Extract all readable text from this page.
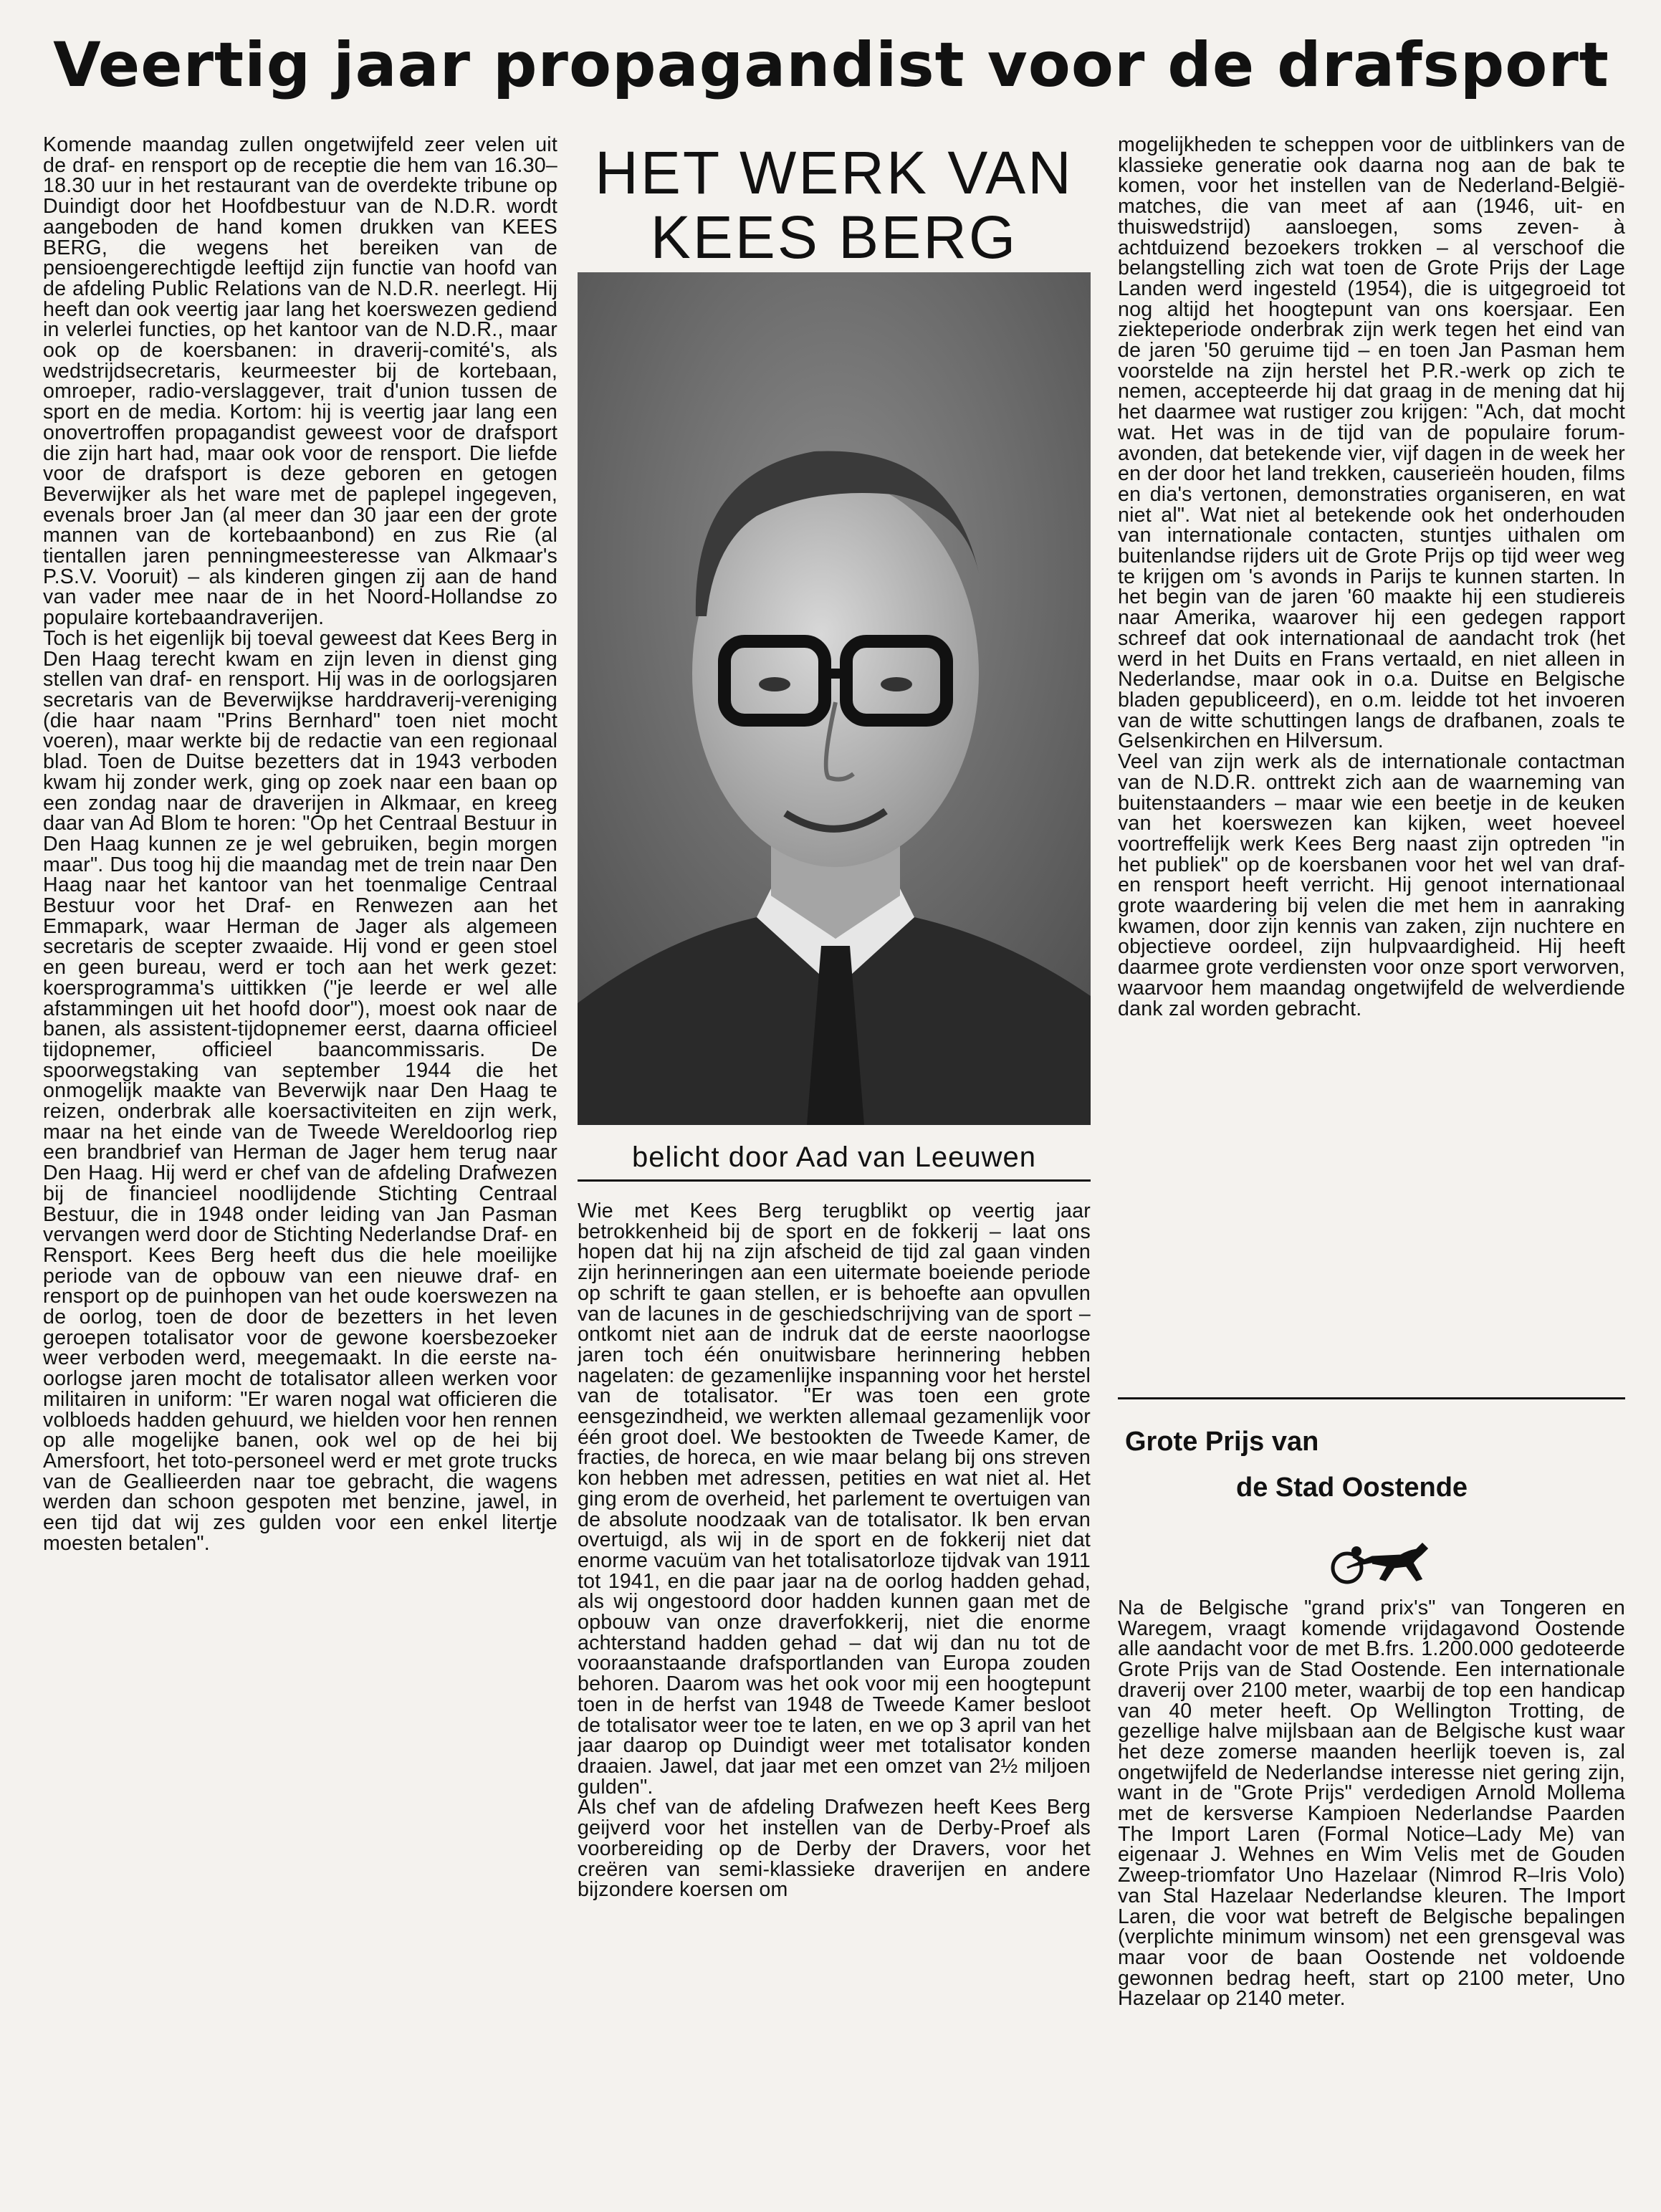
Veertig jaar propagandist voor de drafsport

Komende maandag zullen ongetwijfeld zeer velen uit de draf- en rensport op de receptie die hem van 16.30–18.30 uur in het restaurant van de overdekte tribune op Duindigt door het Hoofdbestuur van de N.D.R. wordt aangeboden de hand komen drukken van KEES BERG, die wegens het bereiken van de pensioengerechtigde leeftijd zijn functie van hoofd van de afdeling Public Relations van de N.D.R. neerlegt. Hij heeft dan ook veertig jaar lang het koerswezen gediend in velerlei functies, op het kantoor van de N.D.R., maar ook op de koersbanen: in draverij-comité's, als wedstrijdsecretaris, keurmeester bij de kortebaan, omroeper, radio-verslaggever, trait d'union tussen de sport en de media. Kortom: hij is veertig jaar lang een onovertroffen propagandist geweest voor de drafsport die zijn hart had, maar ook voor de rensport. Die liefde voor de drafsport is deze geboren en getogen Beverwijker als het ware met de paplepel ingegeven, evenals broer Jan (al meer dan 30 jaar een der grote mannen van de kortebaanbond) en zus Rie (al tientallen jaren penningmeesteresse van Alkmaar's P.S.V. Vooruit) – als kinderen gingen zij aan de hand van vader mee naar de in het Noord-Hollandse zo populaire kortebaandraverijen.

Toch is het eigenlijk bij toeval geweest dat Kees Berg in Den Haag terecht kwam en zijn leven in dienst ging stellen van draf- en rensport. Hij was in de oorlogsjaren secretaris van de Beverwijkse harddraverij-vereniging (die haar naam "Prins Bernhard" toen niet mocht voeren), maar werkte bij de redactie van een regionaal blad. Toen de Duitse bezetters dat in 1943 verboden kwam hij zonder werk, ging op zoek naar een baan op een zondag naar de draverijen in Alkmaar, en kreeg daar van Ad Blom te horen: "Op het Centraal Bestuur in Den Haag kunnen ze je wel gebruiken, begin morgen maar". Dus toog hij die maandag met de trein naar Den Haag naar het kantoor van het toenmalige Centraal Bestuur voor het Draf- en Renwezen aan het Emmapark, waar Herman de Jager als algemeen secretaris de scepter zwaaide. Hij vond er geen stoel en geen bureau, werd er toch aan het werk gezet: koersprogramma's uittikken ("je leerde er wel alle afstammingen uit het hoofd door"), moest ook naar de banen, als assistent-tijdopnemer eerst, daarna officieel tijdopnemer, officieel baancommissaris. De spoorwegstaking van september 1944 die het onmogelijk maakte van Beverwijk naar Den Haag te reizen, onderbrak alle koersactiviteiten en zijn werk, maar na het einde van de Tweede Wereldoorlog riep een brandbrief van Herman de Jager hem terug naar Den Haag. Hij werd er chef van de afdeling Drafwezen bij de financieel noodlijdende Stichting Centraal Bestuur, die in 1948 onder leiding van Jan Pasman vervangen werd door de Stichting Nederlandse Draf- en Rensport. Kees Berg heeft dus die hele moeilijke periode van de opbouw van een nieuwe draf- en rensport op de puinhopen van het oude koerswezen na de oorlog, toen de door de bezetters in het leven geroepen totalisator voor de gewone koersbezoeker weer verboden werd, meegemaakt. In die eerste na-oorlogse jaren mocht de totalisator alleen werken voor militairen in uniform: "Er waren nogal wat officieren die volbloeds hadden gehuurd, we hielden voor hen rennen op alle mogelijke banen, ook wel op de hei bij Amersfoort, het toto-personeel werd er met grote trucks van de Geallieerden naar toe gebracht, die wagens werden dan schoon gespoten met benzine, jawel, in een tijd dat wij zes gulden voor een enkel litertje moesten betalen".

HET WERK VAN
KEES BERG
belicht door Aad van Leeuwen

Wie met Kees Berg terugblikt op veertig jaar betrokkenheid bij de sport en de fokkerij – laat ons hopen dat hij na zijn afscheid de tijd zal gaan vinden zijn herinneringen aan een uitermate boeiende periode op schrift te gaan stellen, er is behoefte aan opvullen van de lacunes in de geschiedschrijving van de sport – ontkomt niet aan de indruk dat de eerste naoorlogse jaren toch één onuitwisbare herinnering hebben nagelaten: de gezamenlijke inspanning voor het herstel van de totalisator. "Er was toen een grote eensgezindheid, we werkten allemaal gezamenlijk voor één groot doel. We bestookten de Tweede Kamer, de fracties, de horeca, en wie maar belang bij ons streven kon hebben met adressen, petities en wat niet al. Het ging erom de overheid, het parlement te overtuigen van de absolute noodzaak van de totalisator. Ik ben ervan overtuigd, als wij in de sport en de fokkerij niet dat enorme vacuüm van het totalisatorloze tijdvak van 1911 tot 1941, en die paar jaar na de oorlog hadden gehad, als wij ongestoord door hadden kunnen gaan met de opbouw van onze draverfokkerij, niet die enorme achterstand hadden gehad – dat wij dan nu tot de vooraanstaande drafsportlanden van Europa zouden behoren. Daarom was het ook voor mij een hoogtepunt toen in de herfst van 1948 de Tweede Kamer besloot de totalisator weer toe te laten, en we op 3 april van het jaar daarop op Duindigt weer met totalisator konden draaien. Jawel, dat jaar met een omzet van 2½ miljoen gulden".

Als chef van de afdeling Drafwezen heeft Kees Berg geijverd voor het instellen van de Derby-Proef als voorbereiding op de Derby der Dravers, voor het creëren van semi-klassieke draverijen en andere bijzondere koersen om

mogelijkheden te scheppen voor de uitblinkers van de klassieke generatie ook daarna nog aan de bak te komen, voor het instellen van de Nederland-België-matches, die van meet af aan (1946, uit- en thuiswedstrijd) aansloegen, soms zeven- à achtduizend bezoekers trokken – al verschoof die belangstelling zich wat toen de Grote Prijs der Lage Landen werd ingesteld (1954), die is uitgegroeid tot nog altijd het hoogtepunt van ons koersjaar. Een ziekteperiode onderbrak zijn werk tegen het eind van de jaren '50 geruime tijd – en toen Jan Pasman hem voorstelde na zijn herstel het P.R.-werk op zich te nemen, accepteerde hij dat graag in de mening dat hij het daarmee wat rustiger zou krijgen: "Ach, dat mocht wat. Het was in de tijd van de populaire forum-avonden, dat betekende vier, vijf dagen in de week her en der door het land trekken, causerieën houden, films en dia's vertonen, demonstraties organiseren, en wat niet al". Wat niet al betekende ook het onderhouden van internationale contacten, stuntjes uithalen om buitenlandse rijders uit de Grote Prijs op tijd weer weg te krijgen om 's avonds in Parijs te kunnen starten. In het begin van de jaren '60 maakte hij een studiereis naar Amerika, waarover hij een gedegen rapport schreef dat ook internationaal de aandacht trok (het werd in het Duits en Frans vertaald, en niet alleen in Nederlandse, maar ook in o.a. Duitse en Belgische bladen gepubliceerd), en o.m. leidde tot het invoeren van de witte schuttingen langs de drafbanen, zoals te Gelsenkirchen en Hilversum.

Veel van zijn werk als de internationale contactman van de N.D.R. onttrekt zich aan de waarneming van buitenstaanders – maar wie een beetje in de keuken van het koerswezen kan kijken, weet hoeveel voortreffelijk werk Kees Berg naast zijn optreden "in het publiek" op de koersbanen voor het wel van draf- en rensport heeft verricht. Hij genoot internationaal grote waardering bij velen die met hem in aanraking kwamen, door zijn kennis van zaken, zijn nuchtere en objectieve oordeel, zijn hulpvaardigheid. Hij heeft daarmee grote verdiensten voor onze sport verworven, waarvoor hem maandag ongetwijfeld de welverdiende dank zal worden gebracht.

Grote Prijs van
de Stad Oostende

Na de Belgische "grand prix's" van Tongeren en Waregem, vraagt komende vrijdagavond Oostende alle aandacht voor de met B.frs. 1.200.000 gedoteerde Grote Prijs van de Stad Oostende. Een internationale draverij over 2100 meter, waarbij de top een handicap van 40 meter heeft. Op Wellington Trotting, de gezellige halve mijlsbaan aan de Belgische kust waar het deze zomerse maanden heerlijk toeven is, zal ongetwijfeld de Nederlandse interesse niet gering zijn, want in de "Grote Prijs" verdedigen Arnold Mollema met de kersverse Kampioen Nederlandse Paarden The Import Laren (Formal Notice–Lady Me) van eigenaar J. Wehnes en Wim Velis met de Gouden Zweep-triomfator Uno Hazelaar (Nimrod R–Iris Volo) van Stal Hazelaar Nederlandse kleuren. The Import Laren, die voor wat betreft de Belgische bepalingen (verplichte minimum winsom) net een grensgeval was maar voor de baan Oostende net voldoende gewonnen bedrag heeft, start op 2100 meter, Uno Hazelaar op 2140 meter.
